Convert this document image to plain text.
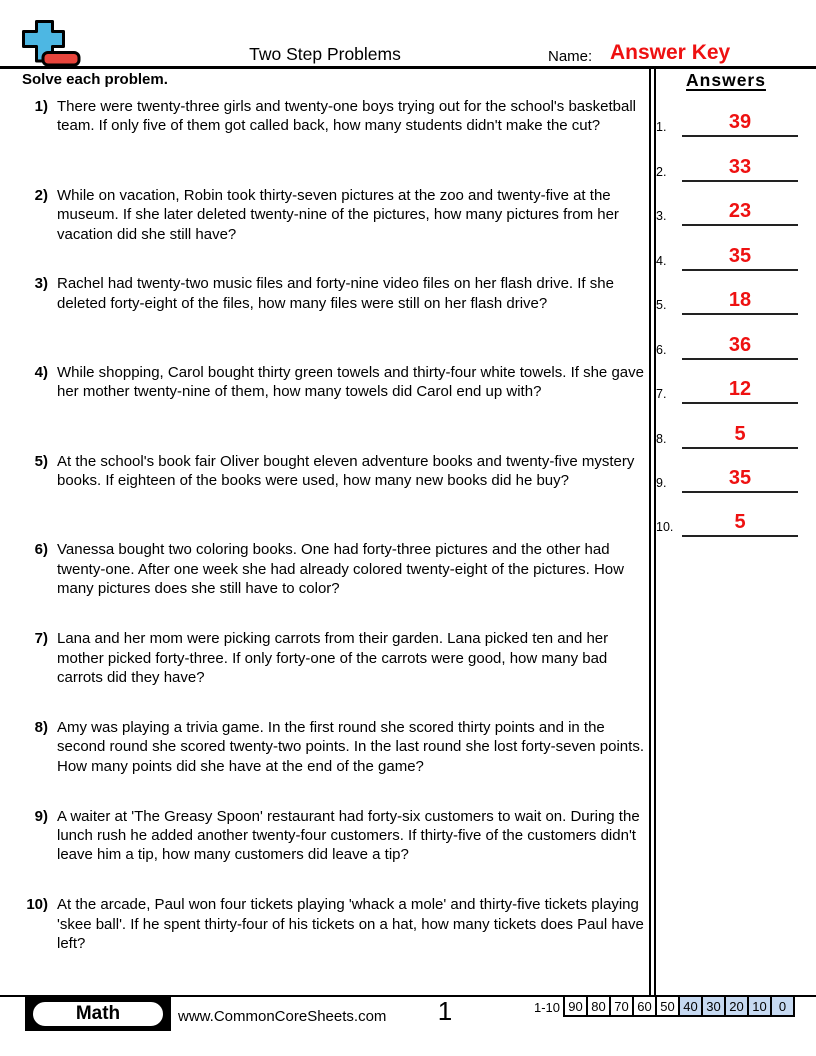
Two Step Problems	Name: Answer Key
Solve each problem.
1) There were twenty-three girls and twenty-one boys trying out for the school's basketball team. If only five of them got called back, how many students didn't make the cut?
2) While on vacation, Robin took thirty-seven pictures at the zoo and twenty-five at the museum. If she later deleted twenty-nine of the pictures, how many pictures from her vacation did she still have?
3) Rachel had twenty-two music files and forty-nine video files on her flash drive. If she deleted forty-eight of the files, how many files were still on her flash drive?
4) While shopping, Carol bought thirty green towels and thirty-four white towels. If she gave her mother twenty-nine of them, how many towels did Carol end up with?
5) At the school's book fair Oliver bought eleven adventure books and twenty-five mystery books. If eighteen of the books were used, how many new books did he buy?
6) Vanessa bought two coloring books. One had forty-three pictures and the other had twenty-one. After one week she had already colored twenty-eight of the pictures. How many pictures does she still have to color?
7) Lana and her mom were picking carrots from their garden. Lana picked ten and her mother picked forty-three. If only forty-one of the carrots were good, how many bad carrots did they have?
8) Amy was playing a trivia game. In the first round she scored thirty points and in the second round she scored twenty-two points. In the last round she lost forty-seven points. How many points did she have at the end of the game?
9) A waiter at 'The Greasy Spoon' restaurant had forty-six customers to wait on. During the lunch rush he added another twenty-four customers. If thirty-five of the customers didn't leave him a tip, how many customers did leave a tip?
10) At the arcade, Paul won four tickets playing 'whack a mole' and thirty-five tickets playing 'skee ball'. If he spent thirty-four of his tickets on a hat, how many tickets does Paul have left?
Answers
1.	39
2.	33
3.	23
4.	35
5.	18
6.	36
7.	12
8.	5
9.	35
10.	5
Math	www.CommonCoreSheets.com	1	1-10 90 80 70 60 50 40 30 20 10 0
